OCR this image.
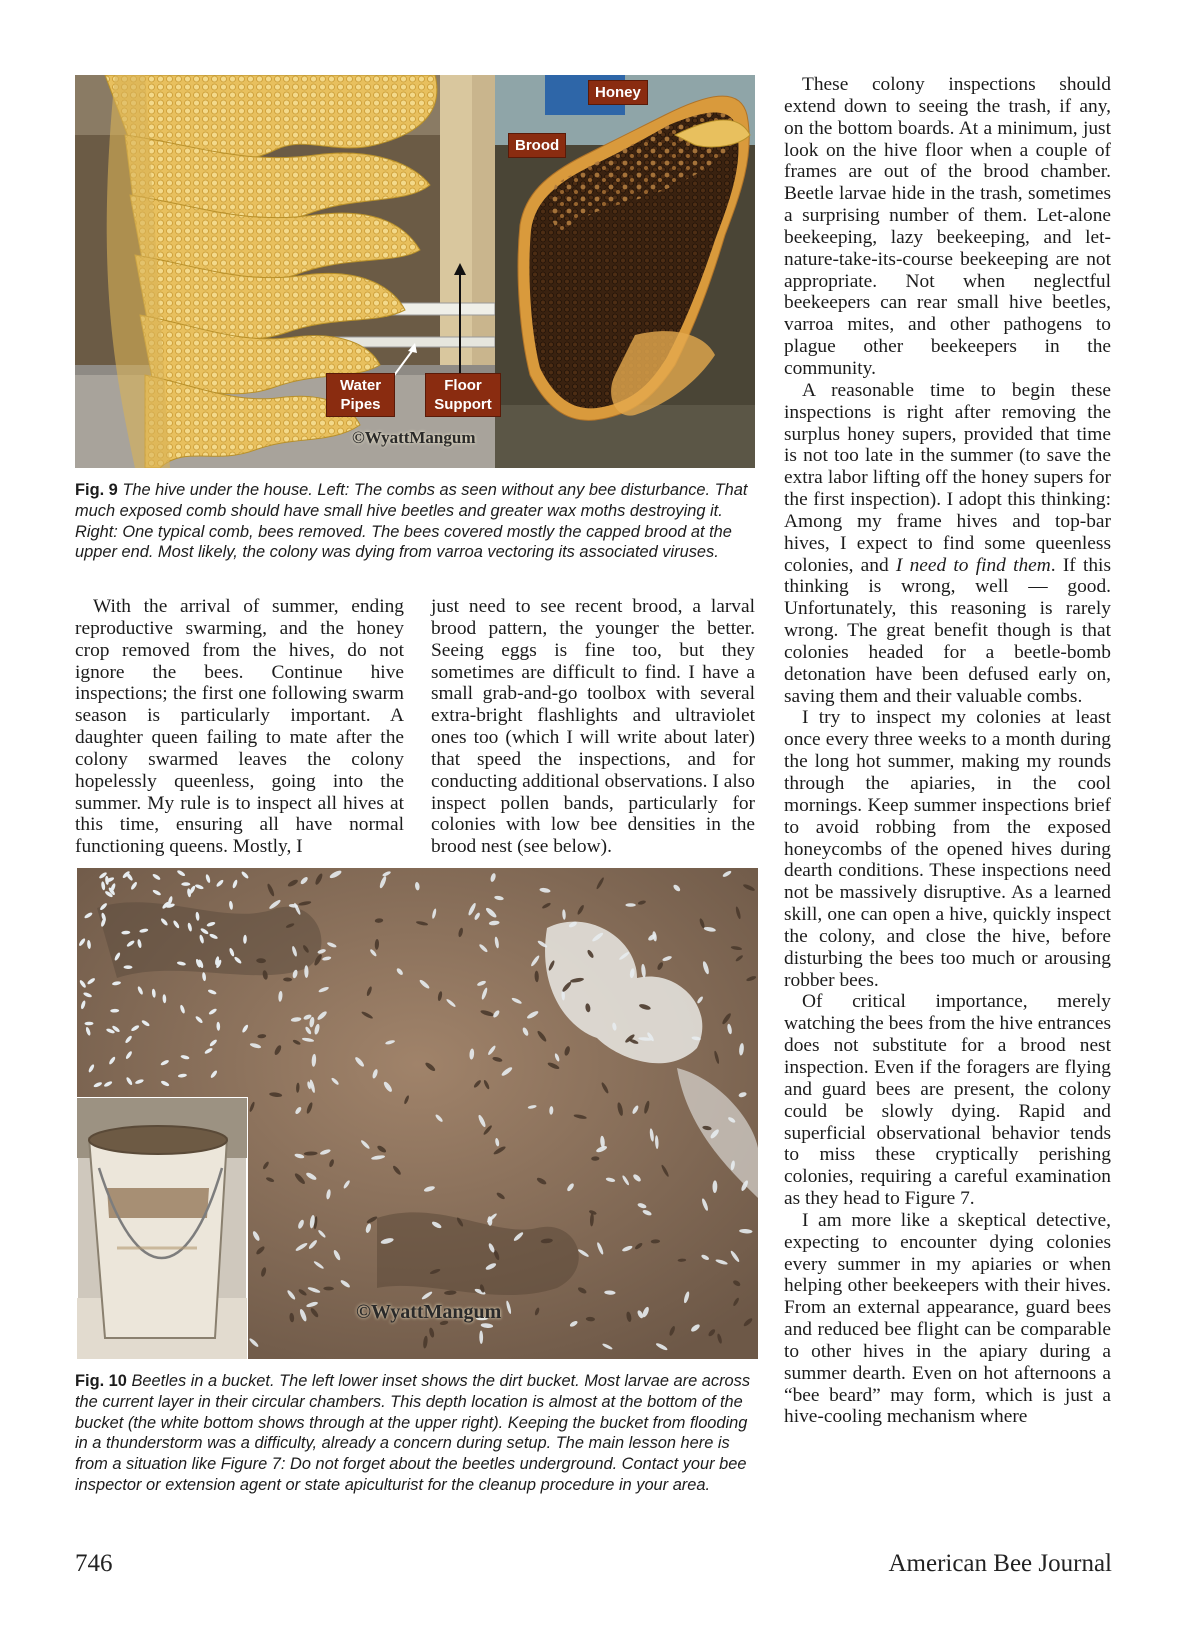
Honey
Brood
Water Pipes
Floor Support
©WyattMangum
Fig. 9 The hive under the house. Left: The combs as seen without any bee disturbance. That much exposed comb should have small hive beetles and greater wax moths destroying it. Right: One typical comb, bees removed. The bees covered mostly the capped brood at the upper end. Most likely, the colony was dying from varroa vectoring its associated viruses.

With the arrival of summer, ending reproductive swarming, and the honey crop removed from the hives, do not ignore the bees. Continue hive inspections; the first one following swarm season is particularly important. A daughter queen failing to mate after the colony swarmed leaves the colony hopelessly queenless, going into the summer. My rule is to inspect all hives at this time, ensuring all have normal functioning queens. Mostly, I

just need to see recent brood, a larval brood pattern, the younger the better. Seeing eggs is fine too, but they sometimes are difficult to find. I have a small grab-and-go toolbox with several extra-bright flashlights and ultraviolet ones too (which I will write about later) that speed the inspections, and for conducting additional observations. I also inspect pollen bands, particularly for colonies with low bee densities in the brood nest (see below).

©WyattMangum
Fig. 10 Beetles in a bucket. The left lower inset shows the dirt bucket. Most larvae are across the current layer in their circular chambers. This depth location is almost at the bottom of the bucket (the white bottom shows through at the upper right). Keeping the bucket from flooding in a thunderstorm was a difficulty, already a concern during setup. The main lesson here is from a situation like Figure 7: Do not forget about the beetles underground. Contact your bee inspector or extension agent or state apiculturist for the cleanup procedure in your area.

These colony inspections should extend down to seeing the trash, if any, on the bottom boards. At a minimum, just look on the hive floor when a couple of frames are out of the brood chamber. Beetle larvae hide in the trash, sometimes a surprising number of them. Let-alone beekeeping, lazy beekeeping, and let-nature-take-its-course beekeeping are not appropriate. Not when neglectful beekeepers can rear small hive beetles, varroa mites, and other pathogens to plague other beekeepers in the community.

A reasonable time to begin these inspections is right after removing the surplus honey supers, provided that time is not too late in the summer (to save the extra labor lifting off the honey supers for the first inspection). I adopt this thinking: Among my frame hives and top-bar hives, I expect to find some queenless colonies, and I need to find them. If this thinking is wrong, well — good. Unfortunately, this reasoning is rarely wrong. The great benefit though is that colonies headed for a beetle-bomb detonation have been defused early on, saving them and their valuable combs.

I try to inspect my colonies at least once every three weeks to a month during the long hot summer, making my rounds through the apiaries, in the cool mornings. Keep summer inspections brief to avoid robbing from the exposed honeycombs of the opened hives during dearth conditions. These inspections need not be massively disruptive. As a learned skill, one can open a hive, quickly inspect the colony, and close the hive, before disturbing the bees too much or arousing robber bees.

Of critical importance, merely watching the bees from the hive entrances does not substitute for a brood nest inspection. Even if the foragers are flying and guard bees are present, the colony could be slowly dying. Rapid and superficial observational behavior tends to miss these cryptically perishing colonies, requiring a careful examination as they head to Figure 7.

I am more like a skeptical detective, expecting to encounter dying colonies every summer in my apiaries or when helping other beekeepers with their hives. From an external appearance, guard bees and reduced bee flight can be comparable to other hives in the apiary during a summer dearth. Even on hot afternoons a “bee beard” may form, which is just a hive-cooling mechanism where

746	American Bee Journal
